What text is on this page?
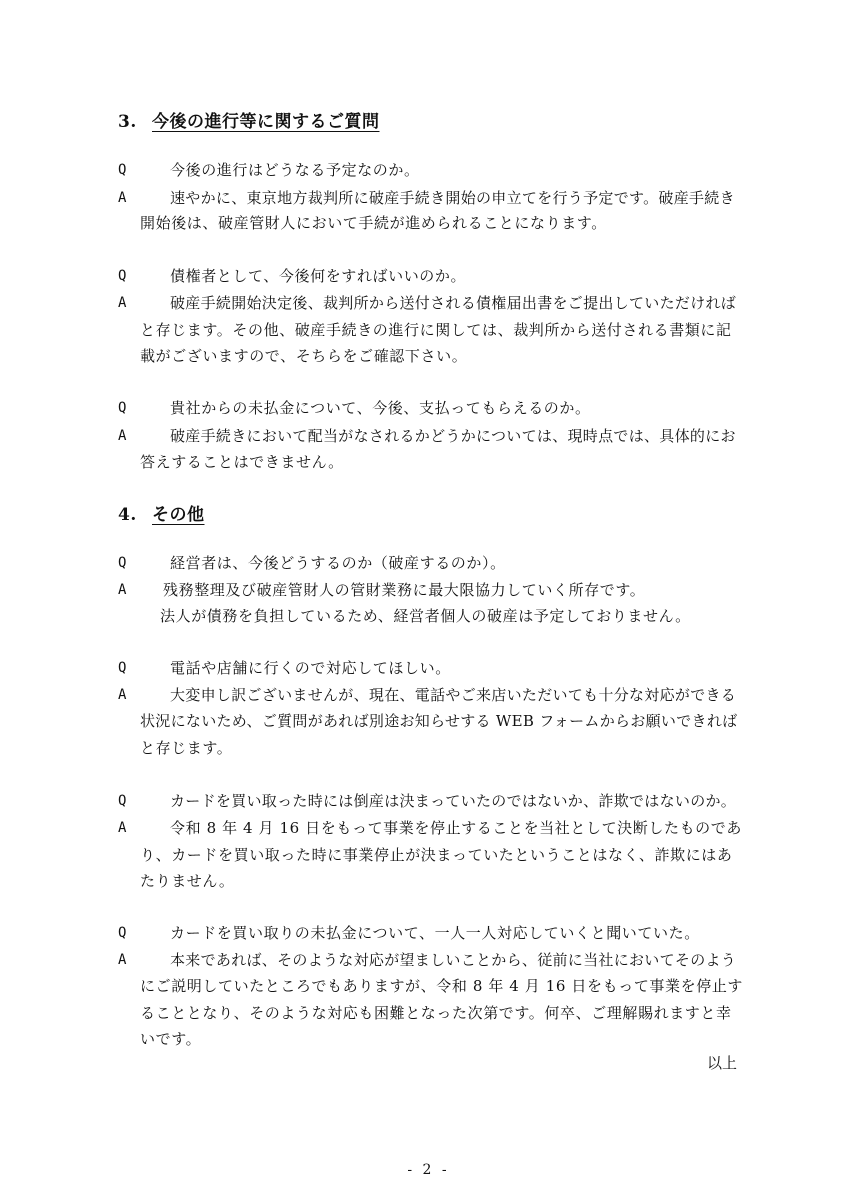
3. 今後の進行等に関するご質問
Q	今後の進行はどうなる予定なのか。
A	速やかに、東京地方裁判所に破産手続き開始の申立てを行う予定です。破産手続き
開始後は、破産管財人において手続が進められることになります。
Q	債権者として、今後何をすればいいのか。
A	破産手続開始決定後、裁判所から送付される債権届出書をご提出していただければ
と存じます。その他、破産手続きの進行に関しては、裁判所から送付される書類に記
載がございますので、そちらをご確認下さい。
Q	貴社からの未払金について、今後、支払ってもらえるのか。
A	破産手続きにおいて配当がなされるかどうかについては、現時点では、具体的にお
答えすることはできません。
4. その他
Q	経営者は、今後どうするのか（破産するのか）。
A 残務整理及び破産管財人の管財業務に最大限協力していく所存です。
法人が債務を負担しているため、経営者個人の破産は予定しておりません。
Q	電話や店舗に行くので対応してほしい。
A	大変申し訳ございませんが、現在、電話やご来店いただいても十分な対応ができる
状況にないため、ご質問があれば別途お知らせする WEB フォームからお願いできれば
と存じます。
Q	カードを買い取った時には倒産は決まっていたのではないか、詐欺ではないのか。
A	令和 8 年 4 月 16 日をもって事業を停止することを当社として決断したものであ
り、カードを買い取った時に事業停止が決まっていたということはなく、詐欺にはあ
たりません。
Q	カードを買い取りの未払金について、一人一人対応していくと聞いていた。
A	本来であれば、そのような対応が望ましいことから、従前に当社においてそのよう
にご説明していたところでもありますが、令和 8 年 4 月 16 日をもって事業を停止す
ることとなり、そのような対応も困難となった次第です。何卒、ご理解賜れますと幸
いです。
以上
- 2 -
